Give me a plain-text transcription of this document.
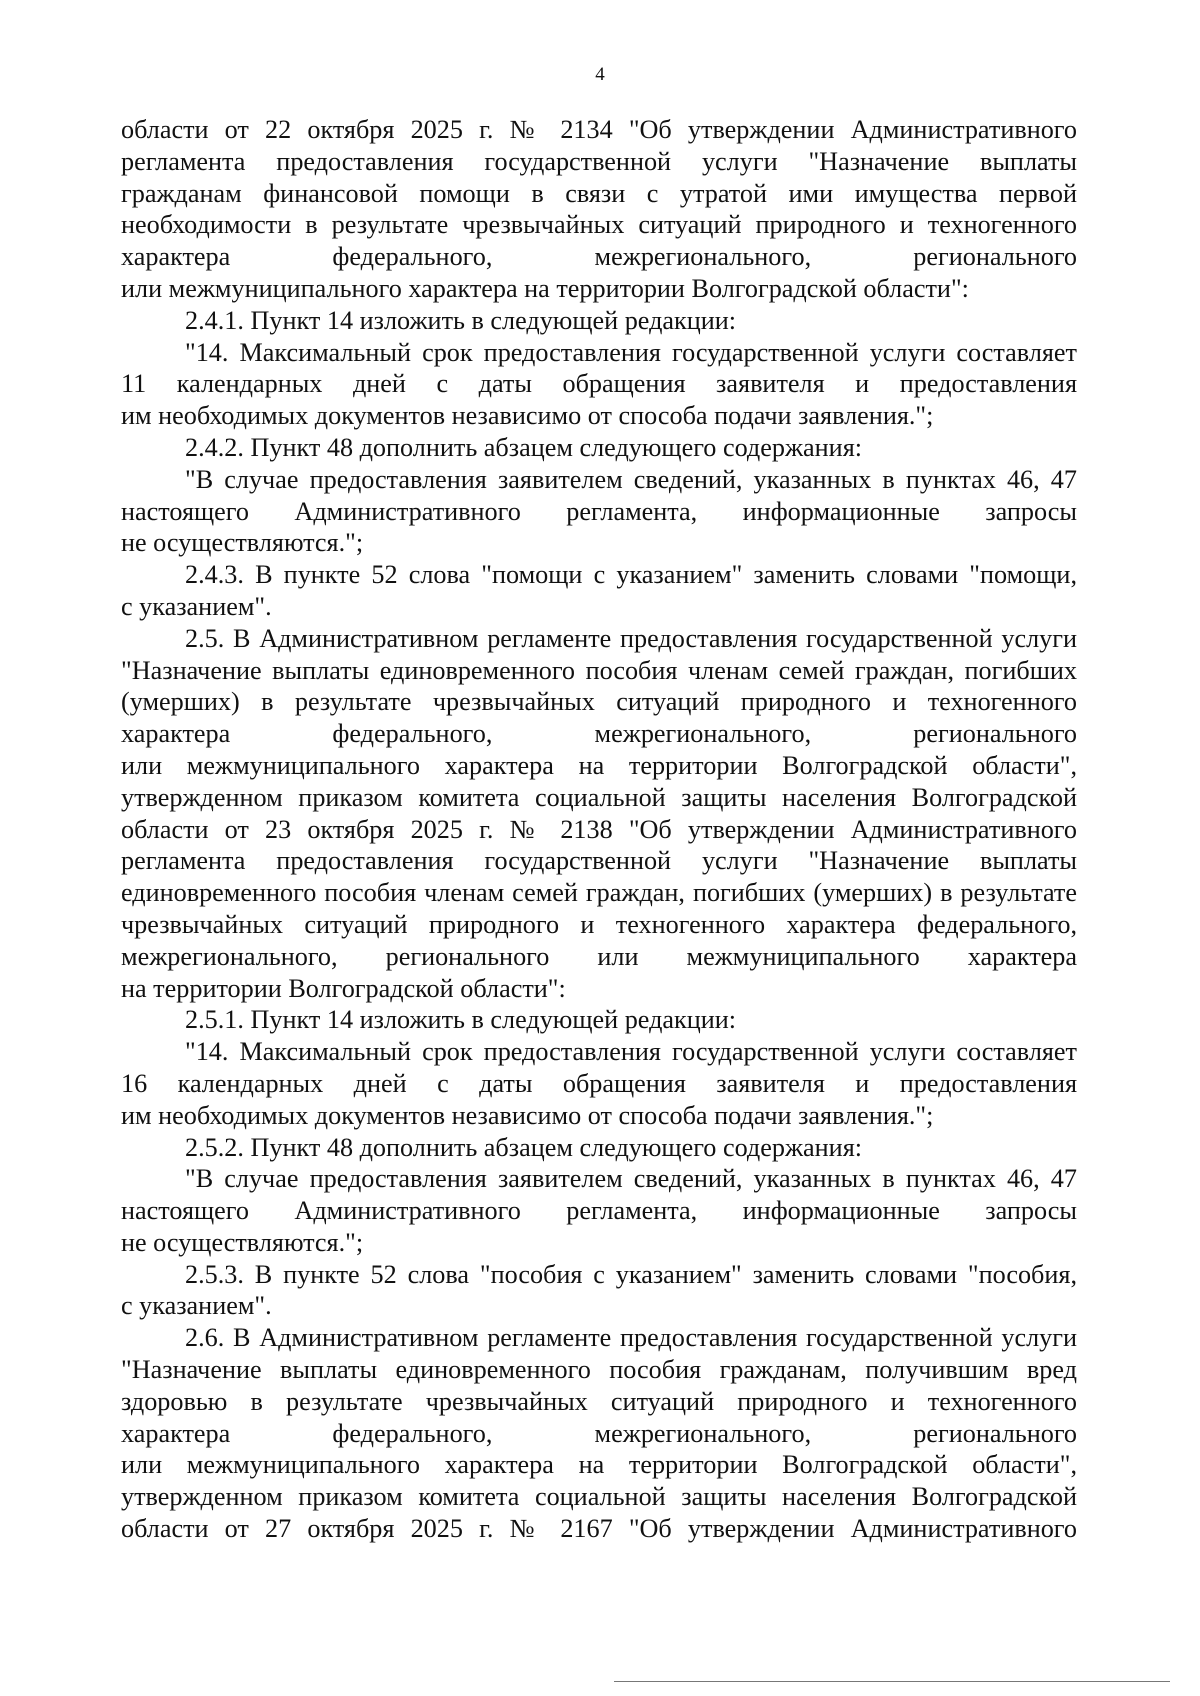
4
области от 22 октября 2025 г. № 2134 "Об утверждении Административного
регламента предоставления государственной услуги "Назначение выплаты
гражданам финансовой помощи в связи с утратой ими имущества первой
необходимости в результате чрезвычайных ситуаций природного и техногенного
характера федерального, межрегионального, регионального
или межмуниципального характера на территории Волгоградской области":
2.4.1. Пункт 14 изложить в следующей редакции:
"14. Максимальный срок предоставления государственной услуги составляет
11 календарных дней с даты обращения заявителя и предоставления
им необходимых документов независимо от способа подачи заявления.";
2.4.2. Пункт 48 дополнить абзацем следующего содержания:
"В случае предоставления заявителем сведений, указанных в пунктах 46, 47
настоящего Административного регламента, информационные запросы
не осуществляются.";
2.4.3. В пункте 52 слова "помощи с указанием" заменить словами "помощи,
с указанием".
2.5. В Административном регламенте предоставления государственной услуги
"Назначение выплаты единовременного пособия членам семей граждан, погибших
(умерших) в результате чрезвычайных ситуаций природного и техногенного
характера федерального, межрегионального, регионального
или межмуниципального характера на территории Волгоградской области",
утвержденном приказом комитета социальной защиты населения Волгоградской
области от 23 октября 2025 г. № 2138 "Об утверждении Административного
регламента предоставления государственной услуги "Назначение выплаты
единовременного пособия членам семей граждан, погибших (умерших) в результате
чрезвычайных ситуаций природного и техногенного характера федерального,
межрегионального, регионального или межмуниципального характера
на территории Волгоградской области":
2.5.1. Пункт 14 изложить в следующей редакции:
"14. Максимальный срок предоставления государственной услуги составляет
16 календарных дней с даты обращения заявителя и предоставления
им необходимых документов независимо от способа подачи заявления.";
2.5.2. Пункт 48 дополнить абзацем следующего содержания:
"В случае предоставления заявителем сведений, указанных в пунктах 46, 47
настоящего Административного регламента, информационные запросы
не осуществляются.";
2.5.3. В пункте 52 слова "пособия с указанием" заменить словами "пособия,
с указанием".
2.6. В Административном регламенте предоставления государственной услуги
"Назначение выплаты единовременного пособия гражданам, получившим вред
здоровью в результате чрезвычайных ситуаций природного и техногенного
характера федерального, межрегионального, регионального
или межмуниципального характера на территории Волгоградской области",
утвержденном приказом комитета социальной защиты населения Волгоградской
области от 27 октября 2025 г. № 2167 "Об утверждении Административного
